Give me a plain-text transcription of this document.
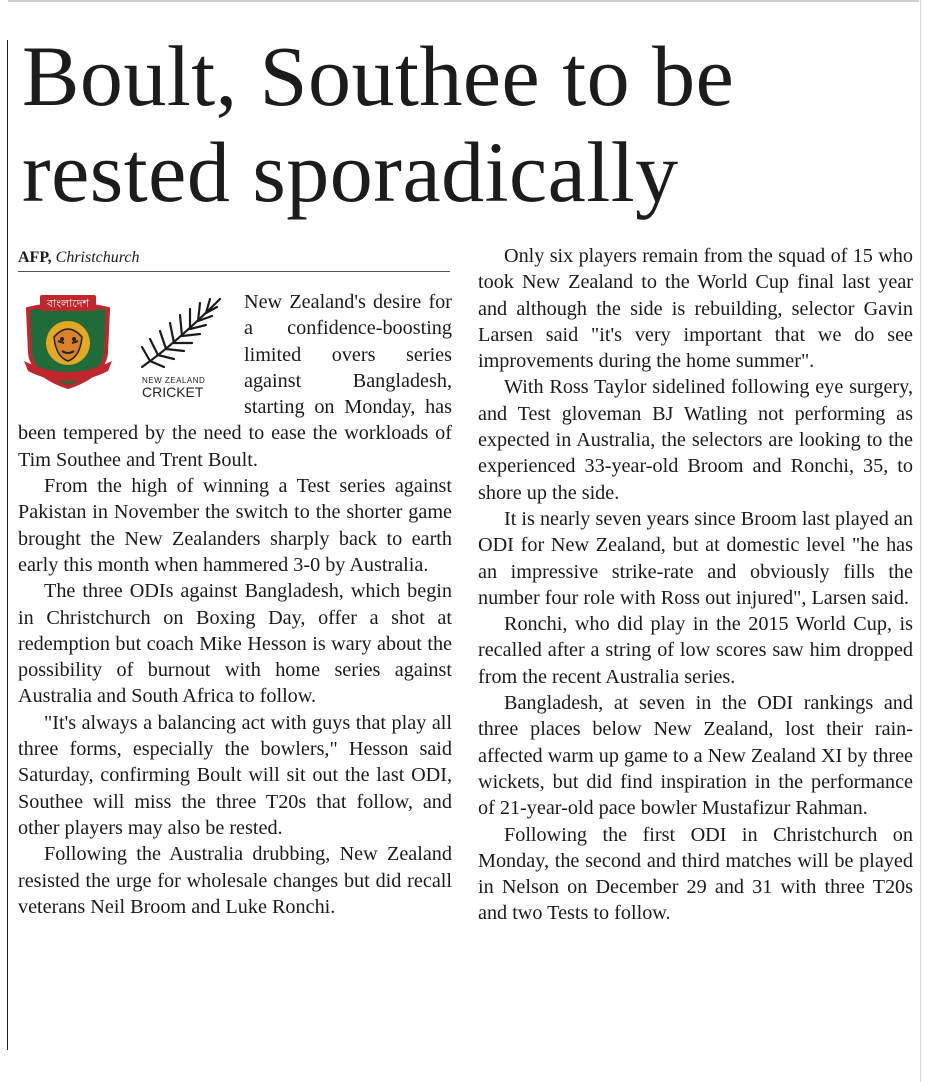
Boult, Southee to be rested sporadically
AFP, Christchurch
বাংলাদেশ
NEW ZEALAND
CRICKET

New Zealand's desire for a confidence-boosting limited overs series against Bangladesh, starting on Monday, has been tempered by the need to ease the workloads of Tim Southee and Trent Boult.

From the high of winning a Test series against Pakistan in November the switch to the shorter game brought the New Zealanders sharply back to earth early this month when hammered 3-0 by Australia.

The three ODIs against Bangladesh, which begin in Christchurch on Boxing Day, offer a shot at redemption but coach Mike Hesson is wary about the possibility of burnout with home series against Australia and South Africa to follow.

"It's always a balancing act with guys that play all three forms, especially the bowlers," Hesson said Saturday, confirming Boult will sit out the last ODI, Southee will miss the three T20s that follow, and other players may also be rested.

Following the Australia drubbing, New Zealand resisted the urge for wholesale changes but did recall veterans Neil Broom and Luke Ronchi.

Only six players remain from the squad of 15 who took New Zealand to the World Cup final last year and although the side is rebuilding, selector Gavin Larsen said "it's very important that we do see improvements during the home summer".

With Ross Taylor sidelined following eye surgery, and Test gloveman BJ Watling not performing as expected in Australia, the selectors are looking to the experienced 33-year-old Broom and Ronchi, 35, to shore up the side.

It is nearly seven years since Broom last played an ODI for New Zealand, but at domestic level "he has an impressive strike-rate and obviously fills the number four role with Ross out injured", Larsen said.

Ronchi, who did play in the 2015 World Cup, is recalled after a string of low scores saw him dropped from the recent Australia series.

Bangladesh, at seven in the ODI rankings and three places below New Zealand, lost their rain-affected warm up game to a New Zealand XI by three wickets, but did find inspiration in the performance of 21-year-old pace bowler Mustafizur Rahman.

Following the first ODI in Christchurch on Monday, the second and third matches will be played in Nelson on December 29 and 31 with three T20s and two Tests to follow.
